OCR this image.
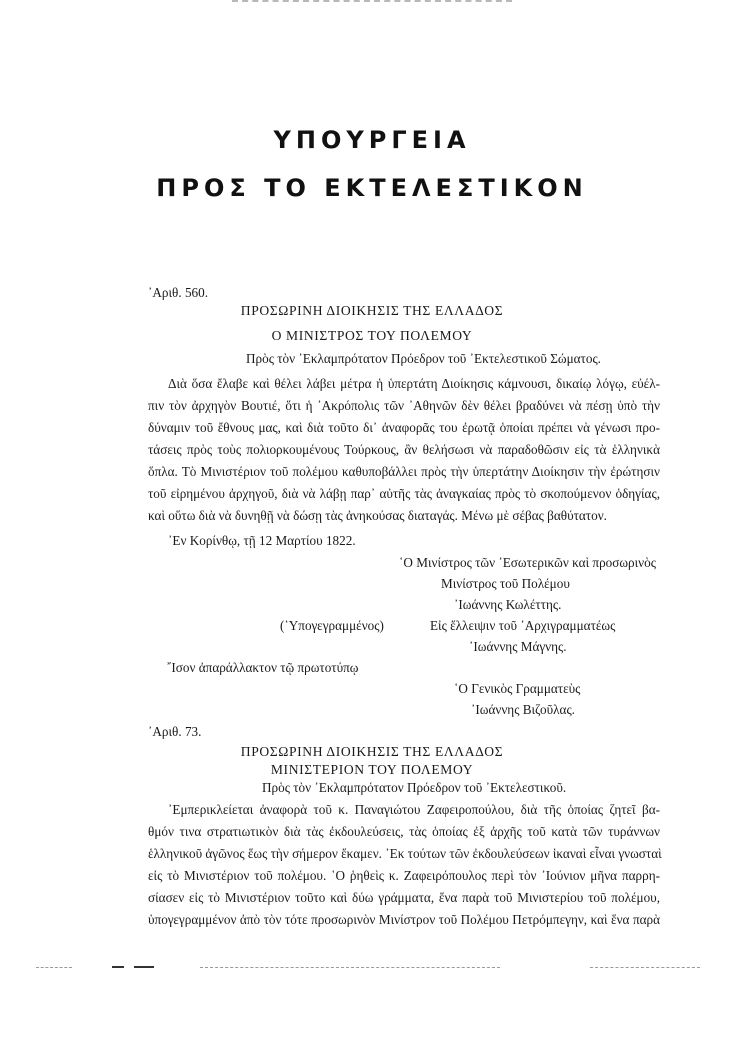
ΥΠΟΥΡΓΕΙΑ
ΠΡΟΣ ΤΟ ΕΚΤΕΛΕΣΤΙΚΟΝ
᾿Αριθ. 560.
ΠΡΟΣΩΡΙΝΗ ΔΙΟΙΚΗΣΙΣ ΤΗΣ ΕΛΛΑΔΟΣ
Ο ΜΙΝΙΣΤΡΟΣ ΤΟΥ ΠΟΛΕΜΟΥ
Πρὸς τὸν ᾿Εκλαμπρότατον Πρόεδρον τοῦ ᾿Εκτελεστικοῦ Σώματος.
Διὰ ὅσα ἔλαβε καὶ θέλει λάβει μέτρα ἡ ὑπερτάτη Διοίκησις κάμνουσι, δικαίῳ λόγῳ, εὐέλ-
πιν τὸν ἀρχηγὸν Βουτιέ, ὅτι ἡ ᾿Ακρόπολις τῶν ᾿Αθηνῶν δὲν θέλει βραδύνει νὰ πέσῃ ὑπὸ τὴν
δύναμιν τοῦ ἔθνους μας, καὶ διὰ τοῦτο δι᾿ ἀναφορᾶς του ἐρωτᾷ ὁποίαι πρέπει νὰ γένωσι προ-
τάσεις πρὸς τοὺς πολιορκουμένους Τούρκους, ἂν θελήσωσι νὰ παραδοθῶσιν εἰς τὰ ἑλληνικὰ
ὅπλα. Τὸ Μινιστέριον τοῦ πολέμου καθυποβάλλει πρὸς τὴν ὑπερτάτην Διοίκησιν τὴν ἐρώτησιν
τοῦ εἰρημένου ἀρχηγοῦ, διὰ νὰ λάβῃ παρ᾿ αὐτῆς τὰς ἀναγκαίας πρὸς τὸ σκοπούμενον ὁδηγίας,
καὶ οὕτω διὰ νὰ δυνηθῇ νὰ δώσῃ τὰς ἀνηκούσας διαταγάς. Μένω μὲ σέβας βαθύτατον.
᾿Εν Κορίνθῳ, τῇ 12 Μαρτίου 1822.
῾Ο Μινίστρος τῶν ᾿Εσωτερικῶν καὶ προσωρινὸς
Μινίστρος τοῦ Πολέμου
᾿Ιωάννης Κωλέττης.
(῾Υπογεγραμμένος)	Εἰς ἔλλειψιν τοῦ ᾿Αρχιγραμματέως
᾿Ιωάννης Μάγνης.
῎Ισον ἀπαράλλακτον τῷ πρωτοτύπῳ
῾Ο Γενικὸς Γραμματεὺς
᾿Ιωάννης Βιζοῦλας.
᾿Αριθ. 73.
ΠΡΟΣΩΡΙΝΗ ΔΙΟΙΚΗΣΙΣ ΤΗΣ ΕΛΛΑΔΟΣ
ΜΙΝΙΣΤΕΡΙΟΝ ΤΟΥ ΠΟΛΕΜΟΥ
Πρὸς τὸν ᾿Εκλαμπρότατον Πρόεδρον τοῦ ᾿Εκτελεστικοῦ.
᾿Εμπερικλείεται ἀναφορὰ τοῦ κ. Παναγιώτου Ζαφειροπούλου, διὰ τῆς ὁποίας ζητεῖ βα-
θμόν τινα στρατιωτικὸν διὰ τὰς ἐκδουλεύσεις, τὰς ὁποίας ἐξ ἀρχῆς τοῦ κατὰ τῶν τυράννων
ἑλληνικοῦ ἀγῶνος ἕως τὴν σήμερον ἔκαμεν. ᾿Εκ τούτων τῶν ἐκδουλεύσεων ἱκαναὶ εἶναι γνωσταὶ
εἰς τὸ Μινιστέριον τοῦ πολέμου. ῾Ο ῥηθεὶς κ. Ζαφειρόπουλος περὶ τὸν ᾿Ιούνιον μῆνα παρρη-
σίασεν εἰς τὸ Μινιστέριον τοῦτο καὶ δύω γράμματα, ἕνα παρὰ τοῦ Μινιστερίου τοῦ πολέμου,
ὑπογεγραμμένον ἀπὸ τὸν τότε προσωρινὸν Μινίστρον τοῦ Πολέμου Πετρόμπεγην, καὶ ἕνα παρὰ
